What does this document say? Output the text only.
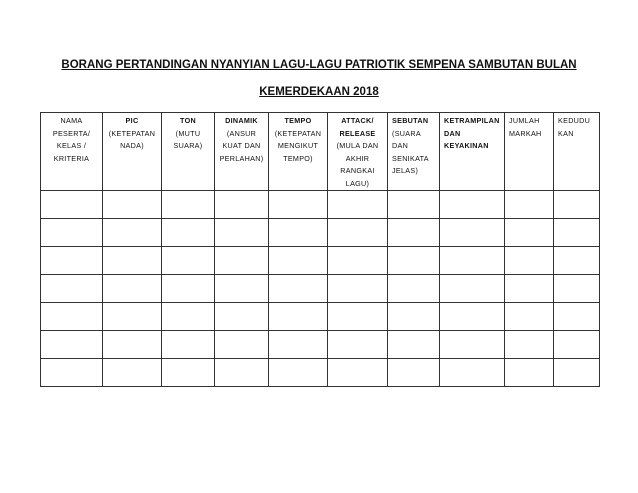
BORANG PERTANDINGAN NYANYIAN LAGU-LAGU PATRIOTIK SEMPENA SAMBUTAN BULAN
KEMERDEKAAN 2018
NAMA
PESERTA/
KELAS /
KRITERIA	PIC
(KETEPATAN
NADA)	TON
(MUTU
SUARA)	DINAMIK
(ANSUR
KUAT DAN
PERLAHAN)	TEMPO
(KETEPATAN
MENGIKUT
TEMPO)	ATTACK/ RELEASE
(MULA DAN
AKHIR
RANGKAI
LAGU)	SEBUTAN
(SUARA
DAN
SENIKATA
JELAS)	KETRAMPILAN DAN KEYAKINAN	JUMLAH
MARKAH	KEDUDU
KAN
